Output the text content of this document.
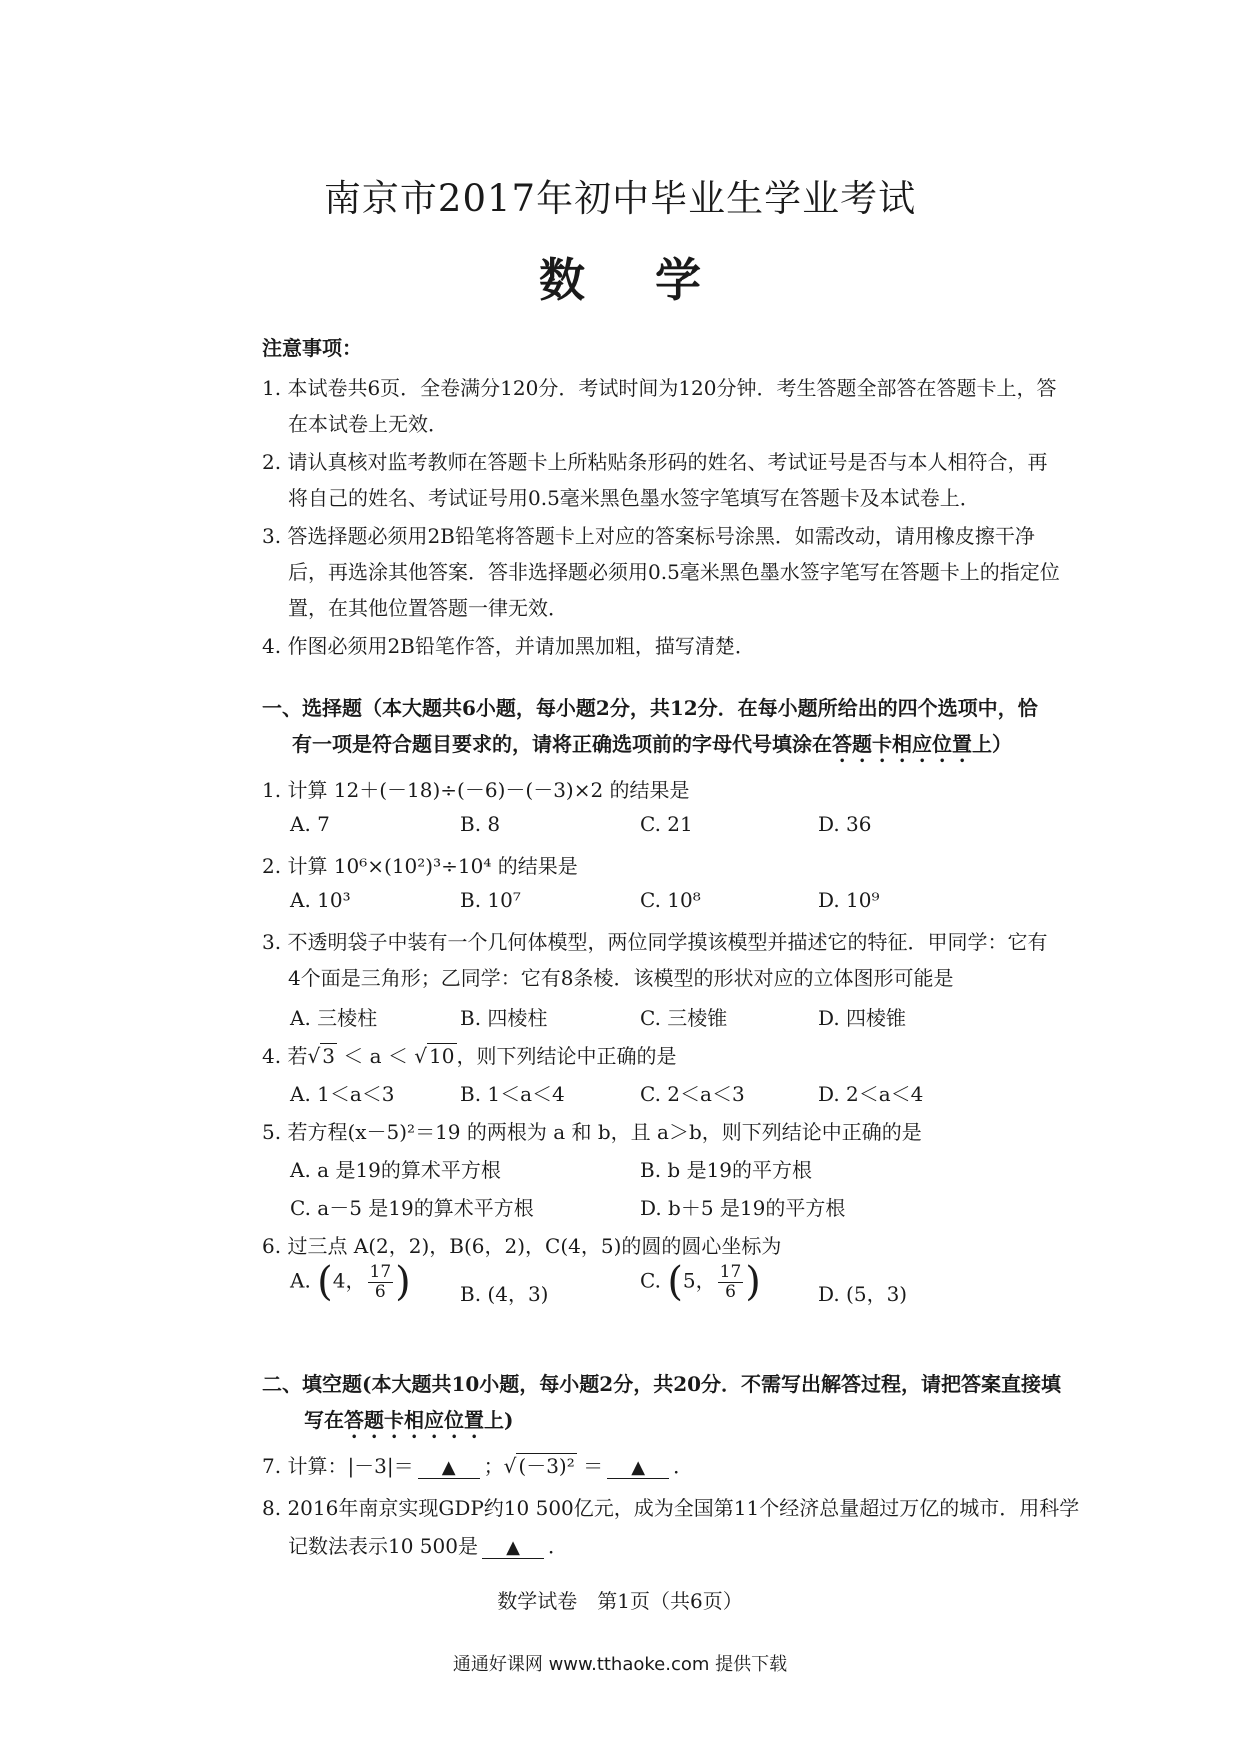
南京市2017年初中毕业生学业考试
数学
注意事项：
1. 本试卷共6页．全卷满分120分．考试时间为120分钟．考生答题全部答在答题卡上，答
在本试卷上无效．
2. 请认真核对监考教师在答题卡上所粘贴条形码的姓名、考试证号是否与本人相符合，再
将自己的姓名、考试证号用0.5毫米黑色墨水签字笔填写在答题卡及本试卷上．
3. 答选择题必须用2B铅笔将答题卡上对应的答案标号涂黑．如需改动，请用橡皮擦干净
后，再选涂其他答案．答非选择题必须用0.5毫米黑色墨水签字笔写在答题卡上的指定位
置，在其他位置答题一律无效．
4. 作图必须用2B铅笔作答，并请加黑加粗，描写清楚．
一、选择题（本大题共6小题，每小题2分，共12分．在每小题所给出的四个选项中，恰
有一项是符合题目要求的，请将正确选项前的字母代号填涂在答题卡相应位置上）
1. 计算 12＋(－18)÷(－6)－(－3)×2 的结果是
A. 7	B. 8	C. 21	D. 36
2. 计算 10⁶×(10²)³÷10⁴ 的结果是
A. 10³	B. 10⁷	C. 10⁸	D. 10⁹
3. 不透明袋子中装有一个几何体模型，两位同学摸该模型并描述它的特征．甲同学：它有
4个面是三角形；乙同学：它有8条棱．该模型的形状对应的立体图形可能是
A. 三棱柱	B. 四棱柱	C. 三棱锥	D. 四棱锥
4. 若√ 3 ＜ a ＜ √ 10 ，则下列结论中正确的是
A. 1＜a＜3	B. 1＜a＜4	C. 2＜a＜3	D. 2＜a＜4
5. 若方程(x－5)²＝19 的两根为 a 和 b，且 a＞b，则下列结论中正确的是
A. a 是19的算术平方根	B. b 是19的平方根
C. a－5 是19的算术平方根	D. b＋5 是19的平方根
6. 过三点 A(2，2)，B(6，2)，C(4，5)的圆的圆心坐标为
A. (4， $\frac{17}{6}$ ) B. (4，3)
C. (5， $\frac{17}{6}$ )	D. (5，3)
二、填空题(本大题共10小题，每小题2分，共20分．不需写出解答过程，请把答案直接填
写在答题卡相应位置上)
7. 计算：|－3|＝ ▲ ；√ (－3)² ＝ ▲ ．
8. 2016年南京实现GDP约10 500亿元，成为全国第11个经济总量超过万亿的城市．用科学
记数法表示10 500是 ▲ ．
数学试卷　第1页（共6页）
通通好课网 www.tthaoke.com 提供下载
